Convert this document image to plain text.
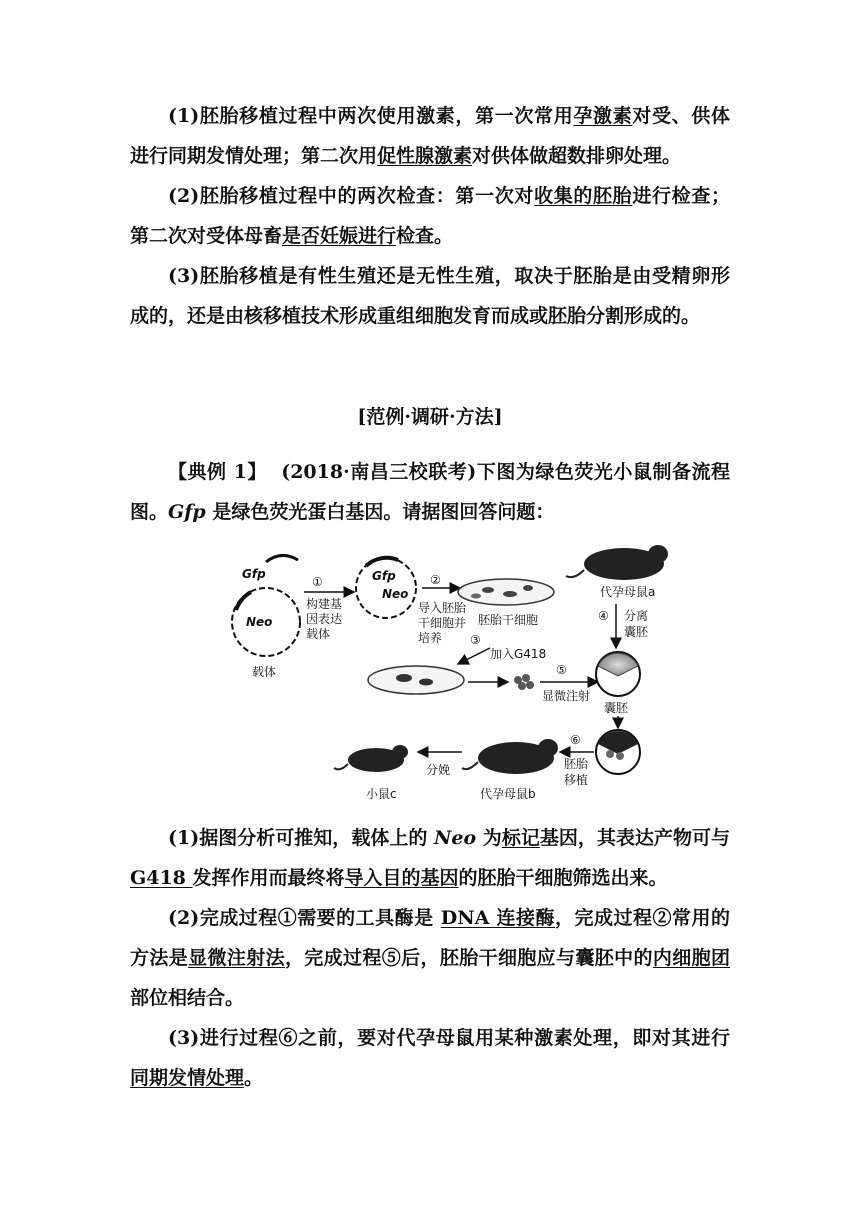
(1)胚胎移植过程中两次使用激素，第一次常用孕激素对受、供体进行同期发情处理；第二次用促性腺激素对供体做超数排卵处理。

(2)胚胎移植过程中的两次检查：第一次对收集的胚胎进行检查；第二次对受体母畜是否妊娠进行检查。

(3)胚胎移植是有性生殖还是无性生殖，取决于胚胎是由受精卵形成的，还是由核移植技术形成重组细胞发育而成或胚胎分割形成的。

[范例·调研·方法]

【典例 1】 (2018·南昌三校联考)下图为绿色荧光小鼠制备流程图。Gfp 是绿色荧光蛋白基因。请据图回答问题：

Gfp
Neo
载体
①
构建基
因表达
载体
Gfp
Neo
②
导入胚胎
干细胞并
培养
胚胎干细胞
③
加入G418
⑤
显微注射
代孕母鼠a
④ 分离
囊胚
囊胚
⑥
胚胎
移植
代孕母鼠b
分娩
小鼠c

(1)据图分析可推知，载体上的 Neo 为标记基因，其表达产物可与 G418 发挥作用而最终将导入目的基因的胚胎干细胞筛选出来。

(2)完成过程①需要的工具酶是 DNA 连接酶，完成过程②常用的方法是显微注射法，完成过程⑤后，胚胎干细胞应与囊胚中的内细胞团部位相结合。

(3)进行过程⑥之前，要对代孕母鼠用某种激素处理，即对其进行同期发情处理。
